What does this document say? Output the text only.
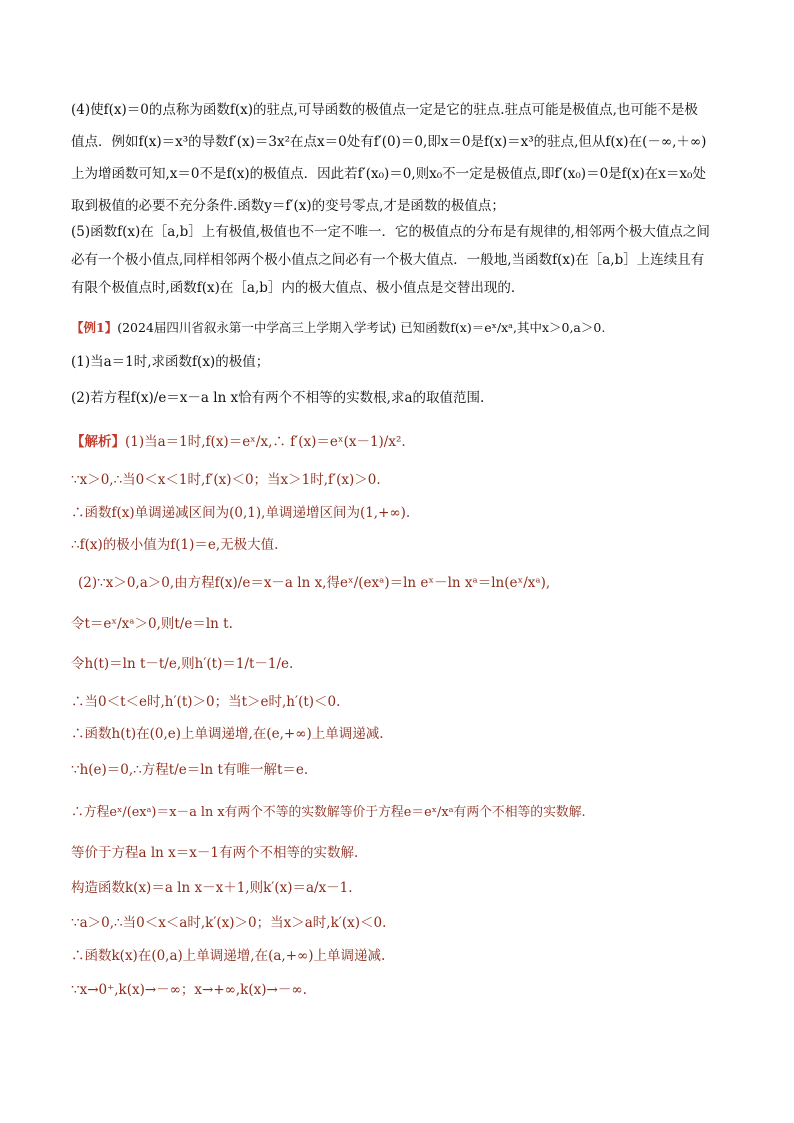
(4)使f(x)＝0的点称为函数f(x)的驻点,可导函数的极值点一定是它的驻点.驻点可能是极值点,也可能不是极
值点．例如f(x)＝x³的导数f′(x)＝3x²在点x＝0处有f′(0)＝0,即x＝0是f(x)＝x³的驻点,但从f(x)在(－∞,＋∞)
上为增函数可知,x＝0不是f(x)的极值点．因此若f′(x₀)＝0,则x₀不一定是极值点,即f′(x₀)＝0是f(x)在x＝x₀处
取到极值的必要不充分条件.函数y＝f′(x)的变号零点,才是函数的极值点；
(5)函数f(x)在［a,b］上有极值,极值也不一定不唯一．它的极值点的分布是有规律的,相邻两个极大值点之间
必有一个极小值点,同样相邻两个极小值点之间必有一个极大值点．一般地,当函数f(x)在［a,b］上连续且有
有限个极值点时,函数f(x)在［a,b］内的极大值点、极小值点是交替出现的．
【例1】(2024届四川省叙永第一中学高三上学期入学考试) 已知函数f(x)＝eˣ/xᵃ,其中x＞0,a＞0.
(1)当a＝1时,求函数f(x)的极值；
(2)若方程f(x)/e＝x－a ln x恰有两个不相等的实数根,求a的取值范围.
【解析】(1)当a＝1时,f(x)＝eˣ/x,∴ f′(x)＝eˣ(x－1)/x².
∵x＞0,∴当0＜x＜1时,f′(x)＜0；当x＞1时,f′(x)＞0.
∴函数f(x)单调递减区间为(0,1),单调递增区间为(1,+∞).
∴f(x)的极小值为f(1)＝e,无极大值.
(2)∵x＞0,a＞0,由方程f(x)/e＝x－a ln x,得eˣ/(exᵃ)＝ln eˣ－ln xᵃ＝ln(eˣ/xᵃ),
令t＝eˣ/xᵃ＞0,则t/e＝ln t.
令h(t)＝ln t－t/e,则h′(t)＝1/t－1/e.
∴当0＜t＜e时,h′(t)＞0；当t＞e时,h′(t)＜0.
∴函数h(t)在(0,e)上单调递增,在(e,+∞)上单调递减.
∵h(e)＝0,∴方程t/e＝ln t有唯一解t＝e.
∴方程eˣ/(exᵃ)＝x－a ln x有两个不等的实数解等价于方程e＝eˣ/xᵃ有两个不相等的实数解.
等价于方程a ln x＝x－1有两个不相等的实数解.
构造函数k(x)＝a ln x－x＋1,则k′(x)＝a/x－1.
∵a＞0,∴当0＜x＜a时,k′(x)＞0；当x＞a时,k′(x)＜0.
∴函数k(x)在(0,a)上单调递增,在(a,+∞)上单调递减.
∵x→0⁺,k(x)→－∞；x→+∞,k(x)→－∞.
